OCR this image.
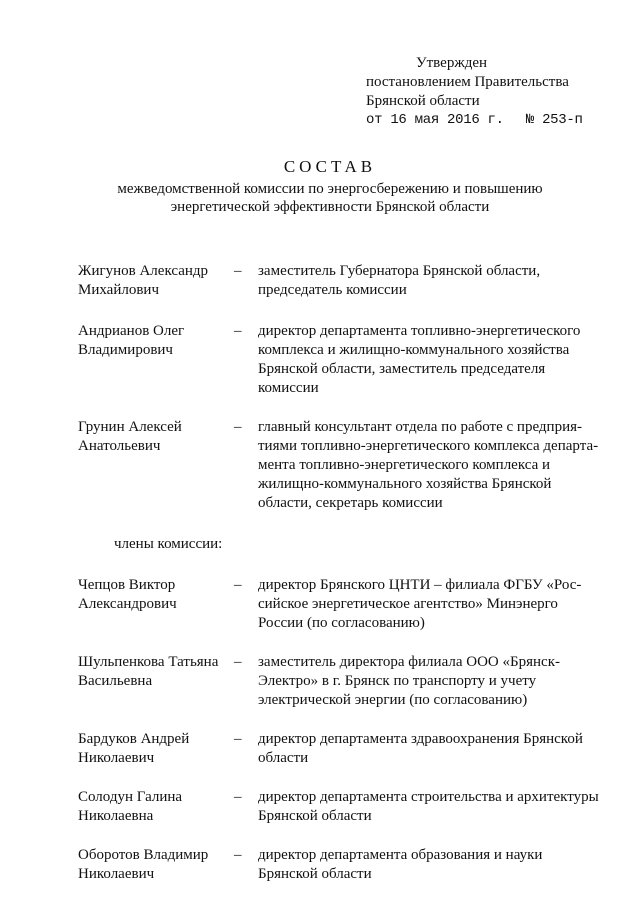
Утвержден
постановлением Правительства
Брянской области
от 16 мая 2016 г. № 253-п
СОСТАВ
межведомственной комиссии по энергосбережению и повышению
энергетической эффективности Брянской области
Жигунов Александр
Михайлович
–	заместитель Губернатора Брянской области,
председатель комиссии
Андрианов Олег
Владимирович
–	директор департамента топливно-энергетического
комплекса и жилищно-коммунального хозяйства
Брянской области, заместитель председателя
комиссии
Грунин Алексей
Анатольевич
–	главный консультант отдела по работе с предприя-
тиями топливно-энергетического комплекса департа-
мента топливно-энергетического комплекса и
жилищно-коммунального хозяйства Брянской
области, секретарь комиссии
члены комиссии:
Чепцов Виктор
Александрович
–	директор Брянского ЦНТИ – филиала ФГБУ «Рос-
сийское энергетическое агентство» Минэнерго
России (по согласованию)
Шульпенкова Татьяна
Васильевна
–	заместитель директора филиала ООО «Брянск-
Электро» в г. Брянск по транспорту и учету
электрической энергии (по согласованию)
Бардуков Андрей
Николаевич
–	директор департамента здравоохранения Брянской
области
Солодун Галина
Николаевна
–	директор департамента строительства и архитектуры
Брянской области
Оборотов Владимир
Николаевич
–	директор департамента образования и науки
Брянской области
